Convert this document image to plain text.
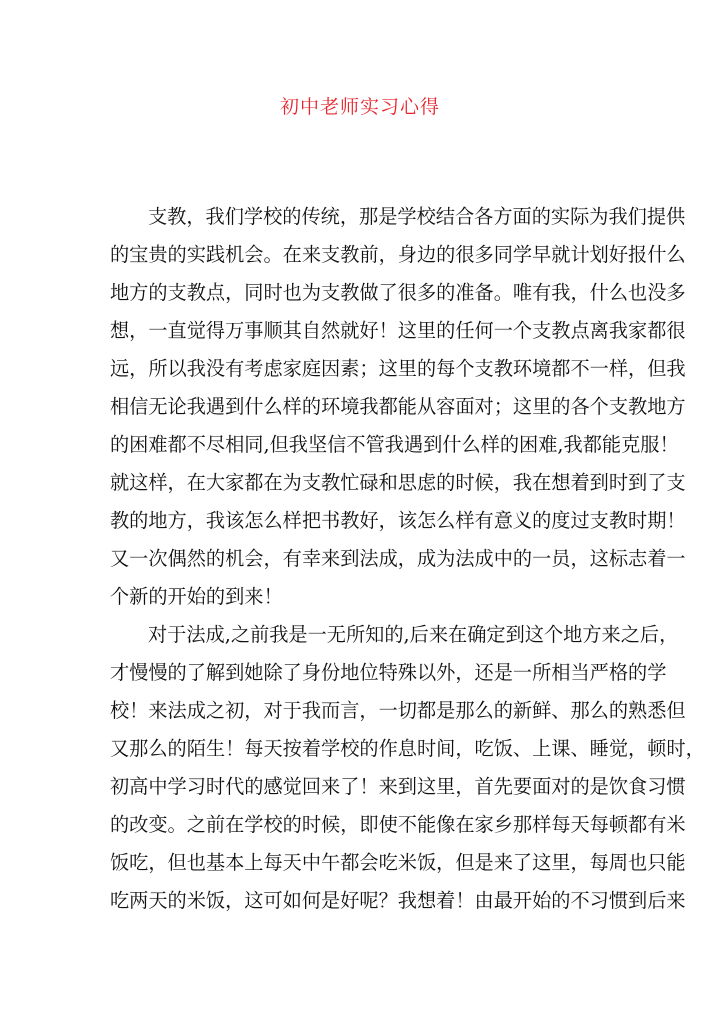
初中老师实习心得
支教，我们学校的传统，那是学校结合各方面的实际为我们提供
的宝贵的实践机会。在来支教前，身边的很多同学早就计划好报什么
地方的支教点，同时也为支教做了很多的准备。唯有我，什么也没多
想，一直觉得万事顺其自然就好！这里的任何一个支教点离我家都很
远，所以我没有考虑家庭因素；这里的每个支教环境都不一样，但我
相信无论我遇到什么样的环境我都能从容面对；这里的各个支教地方
的困难都不尽相同,但我坚信不管我遇到什么样的困难,我都能克服！
就这样，在大家都在为支教忙碌和思虑的时候，我在想着到时到了支
教的地方，我该怎么样把书教好，该怎么样有意义的度过支教时期！
又一次偶然的机会，有幸来到法成，成为法成中的一员，这标志着一
个新的开始的到来！
对于法成,之前我是一无所知的,后来在确定到这个地方来之后，
才慢慢的了解到她除了身份地位特殊以外，还是一所相当严格的学
校！来法成之初，对于我而言，一切都是那么的新鲜、那么的熟悉但
又那么的陌生！每天按着学校的作息时间，吃饭、上课、睡觉，顿时，
初高中学习时代的感觉回来了！来到这里，首先要面对的是饮食习惯
的改变。之前在学校的时候，即使不能像在家乡那样每天每顿都有米
饭吃，但也基本上每天中午都会吃米饭，但是来了这里，每周也只能
吃两天的米饭，这可如何是好呢？我想着！由最开始的不习惯到后来
